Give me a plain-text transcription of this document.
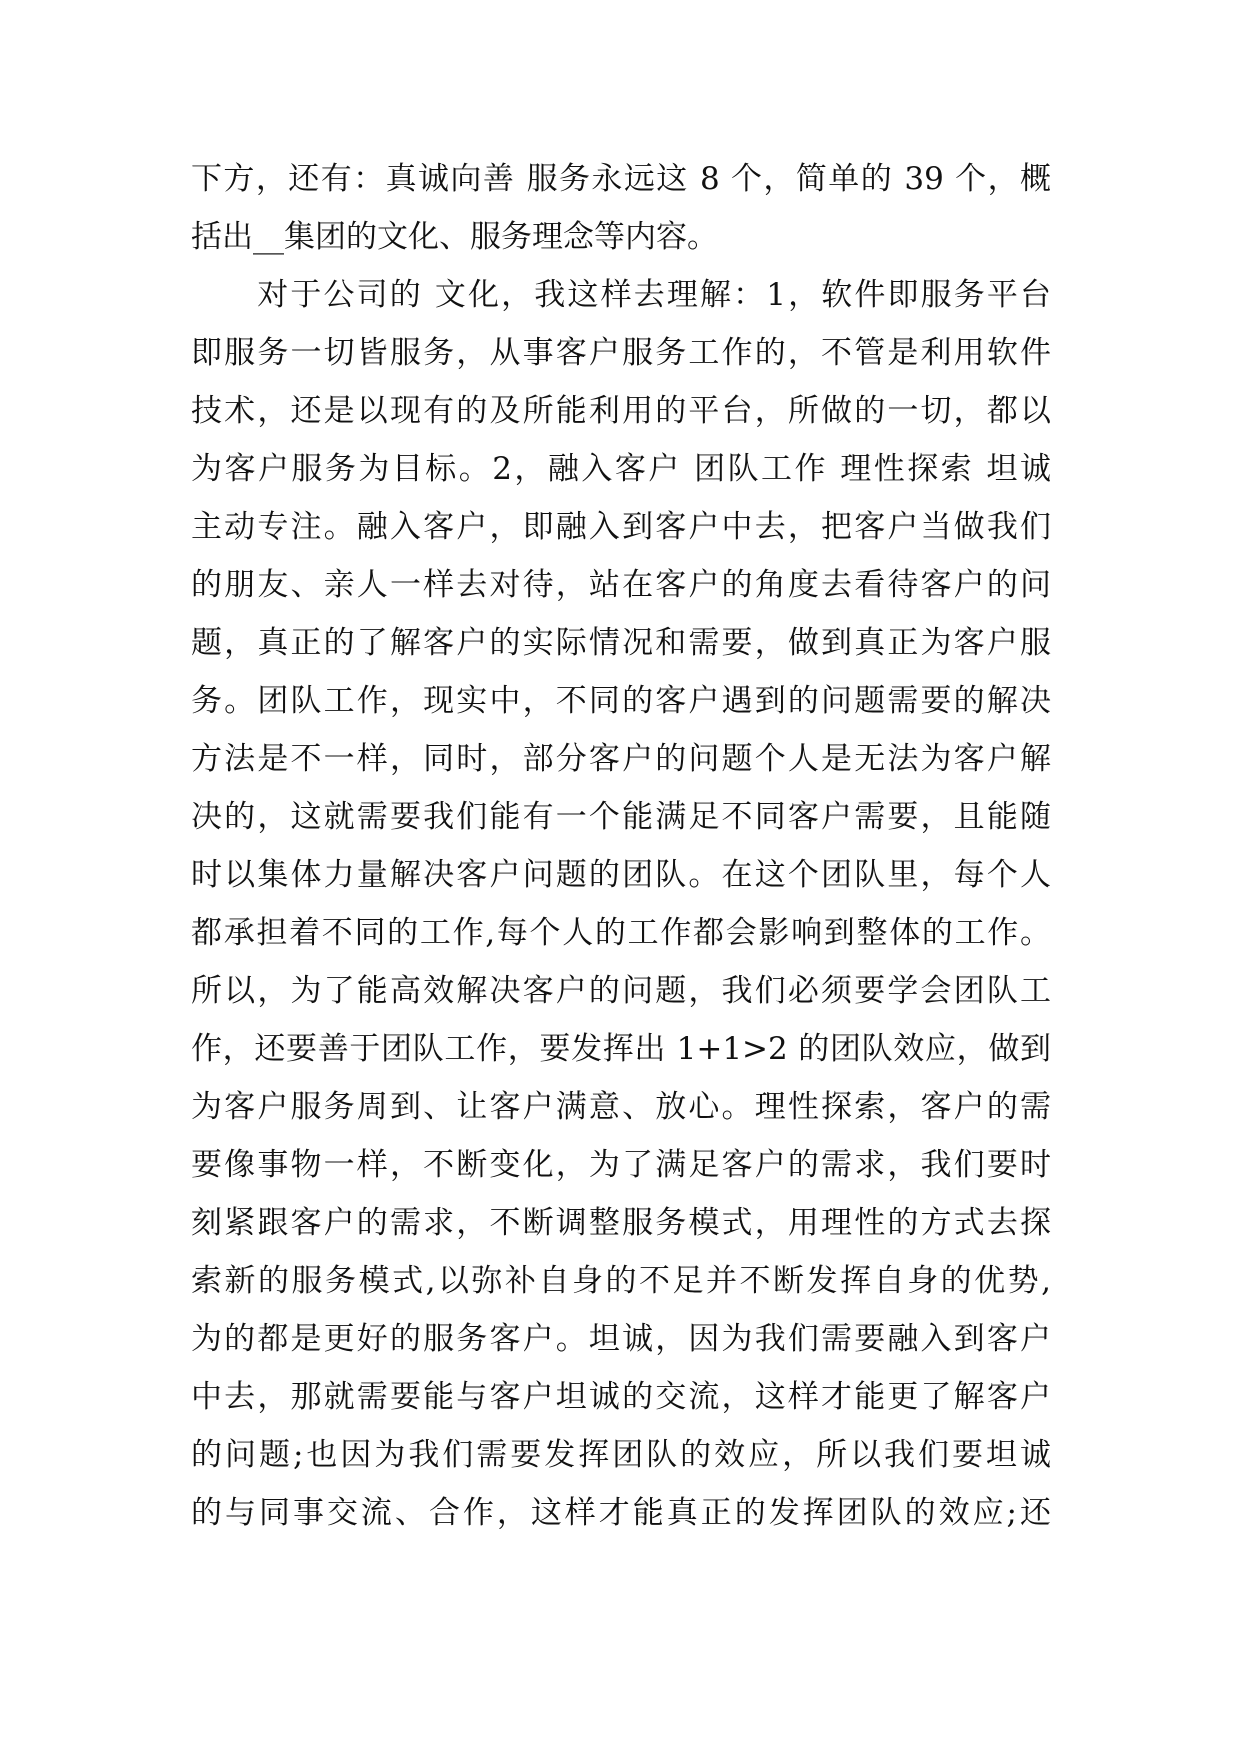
下方，还有：真诚向善 服务永远这 8 个，简单的 39 个，概
括出__集团的文化、服务理念等内容。
　　对于公司的 文化，我这样去理解：1，软件即服务平台
即服务一切皆服务，从事客户服务工作的，不管是利用软件
技术，还是以现有的及所能利用的平台，所做的一切，都以
为客户服务为目标。2，融入客户 团队工作 理性探索 坦诚
主动专注。融入客户，即融入到客户中去，把客户当做我们
的朋友、亲人一样去对待，站在客户的角度去看待客户的问
题，真正的了解客户的实际情况和需要，做到真正为客户服
务。团队工作，现实中，不同的客户遇到的问题需要的解决
方法是不一样，同时，部分客户的问题个人是无法为客户解
决的，这就需要我们能有一个能满足不同客户需要，且能随
时以集体力量解决客户问题的团队。在这个团队里，每个人
都承担着不同的工作,每个人的工作都会影响到整体的工作。
所以，为了能高效解决客户的问题，我们必须要学会团队工
作，还要善于团队工作，要发挥出 1+1>2 的团队效应，做到
为客户服务周到、让客户满意、放心。理性探索，客户的需
要像事物一样，不断变化，为了满足客户的需求，我们要时
刻紧跟客户的需求，不断调整服务模式，用理性的方式去探
索新的服务模式,以弥补自身的不足并不断发挥自身的优势,
为的都是更好的服务客户。坦诚，因为我们需要融入到客户
中去，那就需要能与客户坦诚的交流，这样才能更了解客户
的问题;也因为我们需要发挥团队的效应，所以我们要坦诚
的与同事交流、合作，这样才能真正的发挥团队的效应;还
